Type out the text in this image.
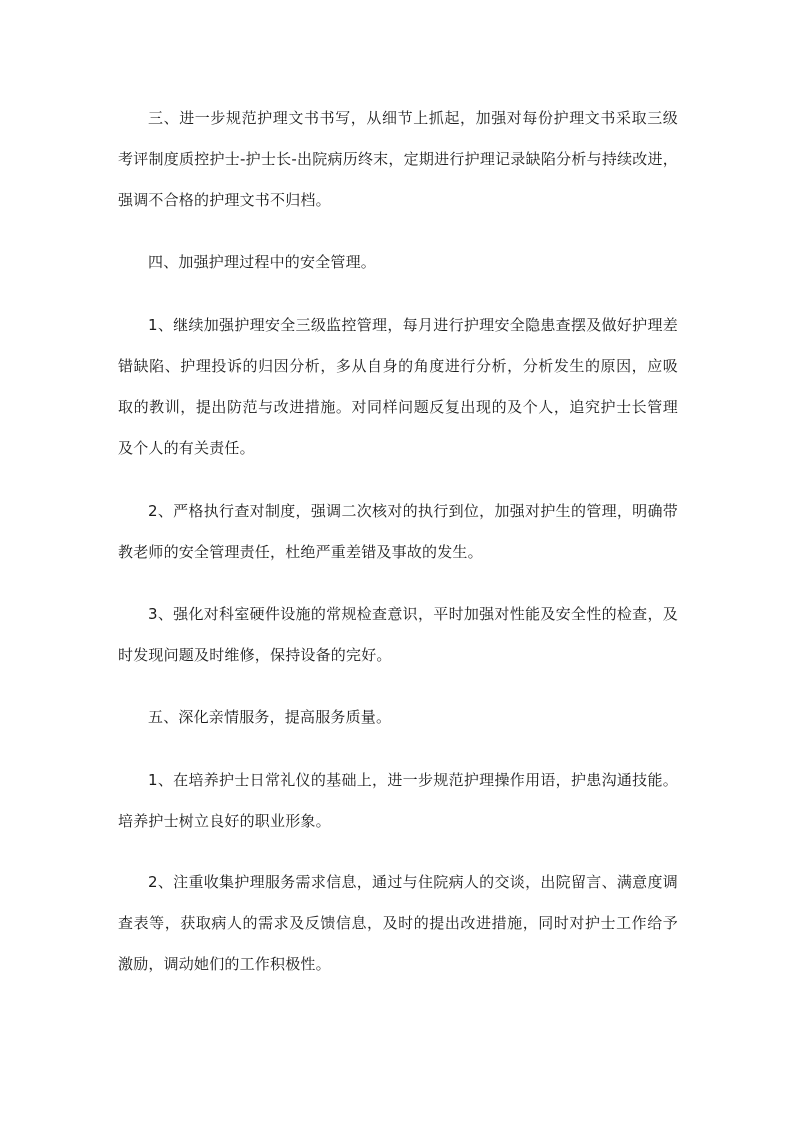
三、进一步规范护理文书书写，从细节上抓起，加强对每份护理文书采取三级考评制度质控护士-护士长-出院病历终末，定期进行护理记录缺陷分析与持续改进，强调不合格的护理文书不归档。

四、加强护理过程中的安全管理。

1、继续加强护理安全三级监控管理，每月进行护理安全隐患查摆及做好护理差错缺陷、护理投诉的归因分析，多从自身的角度进行分析，分析发生的原因，应吸取的教训，提出防范与改进措施。对同样问题反复出现的及个人，追究护士长管理及个人的有关责任。

2、严格执行查对制度，强调二次核对的执行到位，加强对护生的管理，明确带教老师的安全管理责任，杜绝严重差错及事故的发生。

3、强化对科室硬件设施的常规检查意识，平时加强对性能及安全性的检查，及时发现问题及时维修，保持设备的完好。

五、深化亲情服务，提高服务质量。

1、在培养护士日常礼仪的基础上，进一步规范护理操作用语，护患沟通技能。培养护士树立良好的职业形象。

2、注重收集护理服务需求信息，通过与住院病人的交谈，出院留言、满意度调查表等，获取病人的需求及反馈信息，及时的提出改进措施，同时对护士工作给予激励，调动她们的工作积极性。
